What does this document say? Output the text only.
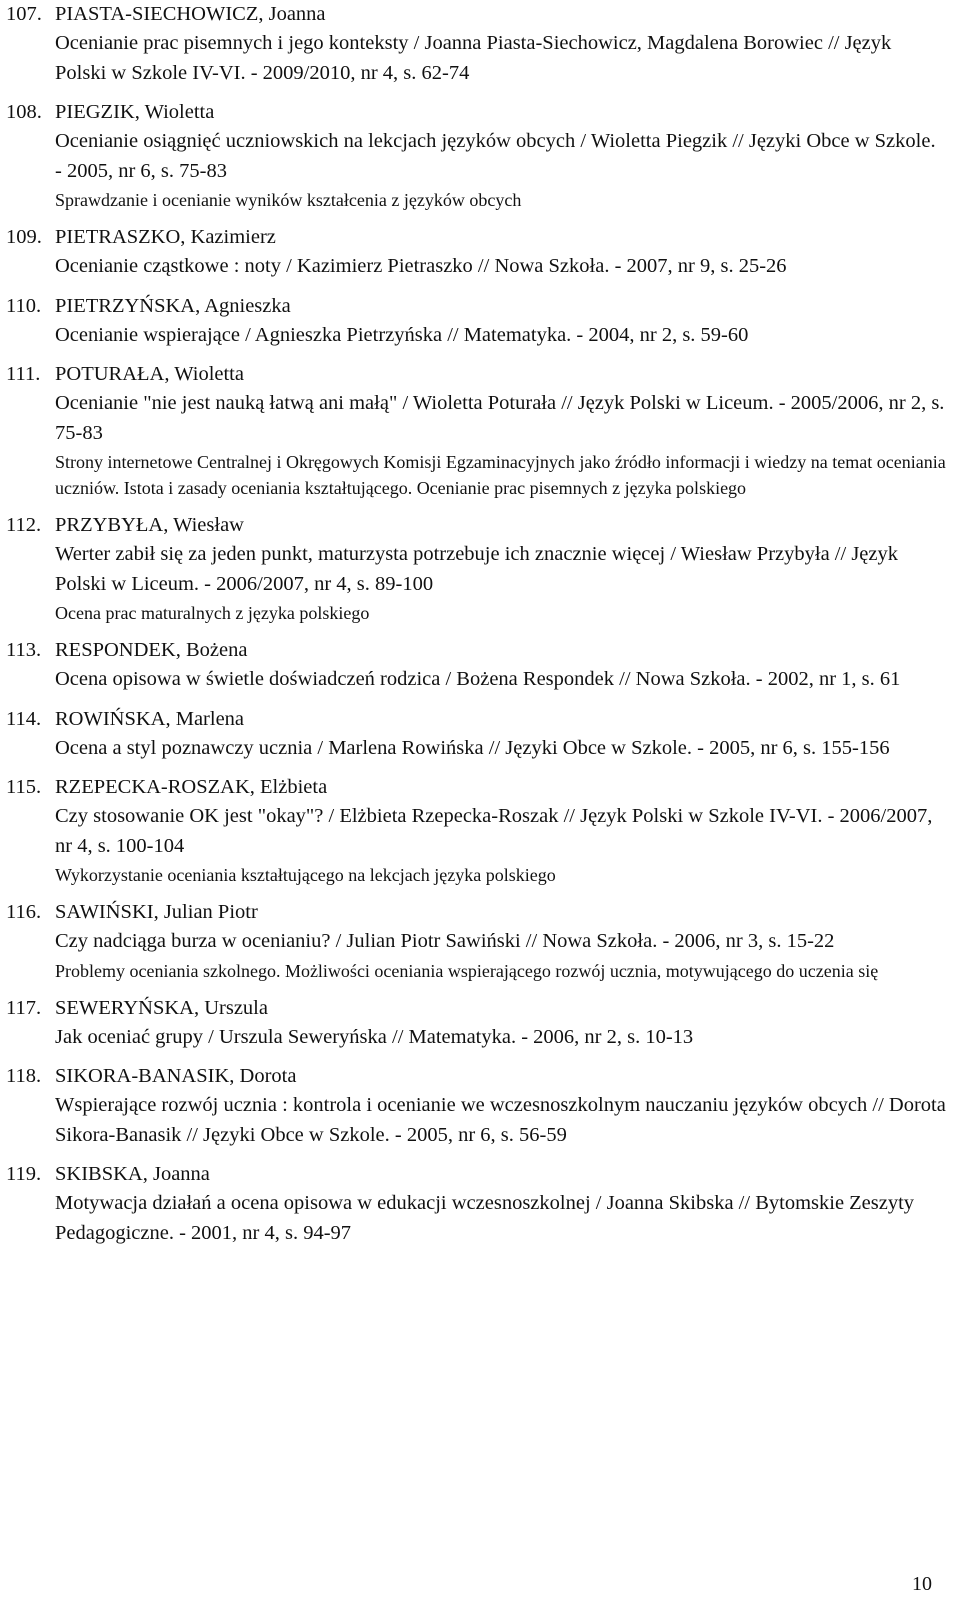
107. PIASTA-SIECHOWICZ, Joanna

Ocenianie prac pisemnych i jego konteksty / Joanna Piasta-Siechowicz, Magdalena Borowiec // Język Polski w Szkole IV-VI. - 2009/2010, nr 4, s. 62-74

108. PIEGZIK, Wioletta

Ocenianie osiągnięć uczniowskich na lekcjach języków obcych / Wioletta Piegzik // Języki Obce w Szkole. - 2005, nr 6, s. 75-83

Sprawdzanie i ocenianie wyników kształcenia z języków obcych

109. PIETRASZKO, Kazimierz

Ocenianie cząstkowe : noty / Kazimierz Pietraszko // Nowa Szkoła. - 2007, nr 9, s. 25-26

110. PIETRZYŃSKA, Agnieszka

Ocenianie wspierające / Agnieszka Pietrzyńska // Matematyka. - 2004, nr 2, s. 59-60

111. POTURAŁA, Wioletta

Ocenianie "nie jest nauką łatwą ani małą" / Wioletta Poturała // Język Polski w Liceum. - 2005/2006, nr 2, s. 75-83

Strony internetowe Centralnej i Okręgowych Komisji Egzaminacyjnych jako źródło informacji i wiedzy na temat oceniania uczniów. Istota i zasady oceniania kształtującego. Ocenianie prac pisemnych z języka polskiego

112. PRZYBYŁA, Wiesław

Werter zabił się za jeden punkt, maturzysta potrzebuje ich znacznie więcej / Wiesław Przybyła // Język Polski w Liceum. - 2006/2007, nr 4, s. 89-100

Ocena prac maturalnych z języka polskiego

113. RESPONDEK, Bożena

Ocena opisowa w świetle doświadczeń rodzica / Bożena Respondek // Nowa Szkoła. - 2002, nr 1, s. 61

114. ROWIŃSKA, Marlena

Ocena a styl poznawczy ucznia / Marlena Rowińska // Języki Obce w Szkole. - 2005, nr 6, s. 155-156

115. RZEPECKA-ROSZAK, Elżbieta

Czy stosowanie OK jest "okay"? / Elżbieta Rzepecka-Roszak // Język Polski w Szkole IV-VI. - 2006/2007, nr 4, s. 100-104

Wykorzystanie oceniania kształtującego na lekcjach języka polskiego

116. SAWIŃSKI, Julian Piotr

Czy nadciąga burza w ocenianiu? / Julian Piotr Sawiński // Nowa Szkoła. - 2006, nr 3, s. 15-22

Problemy oceniania szkolnego. Możliwości oceniania wspierającego rozwój ucznia, motywującego do uczenia się

117. SEWERYŃSKA, Urszula

Jak oceniać grupy / Urszula Seweryńska // Matematyka. - 2006, nr 2, s. 10-13

118. SIKORA-BANASIK, Dorota

Wspierające rozwój ucznia : kontrola i ocenianie we wczesnoszkolnym nauczaniu języków obcych // Dorota Sikora-Banasik // Języki Obce w Szkole. - 2005, nr 6, s. 56-59

119. SKIBSKA, Joanna

Motywacja działań a ocena opisowa w edukacji wczesnoszkolnej / Joanna Skibska // Bytomskie Zeszyty Pedagogiczne. - 2001, nr 4, s. 94-97

10
